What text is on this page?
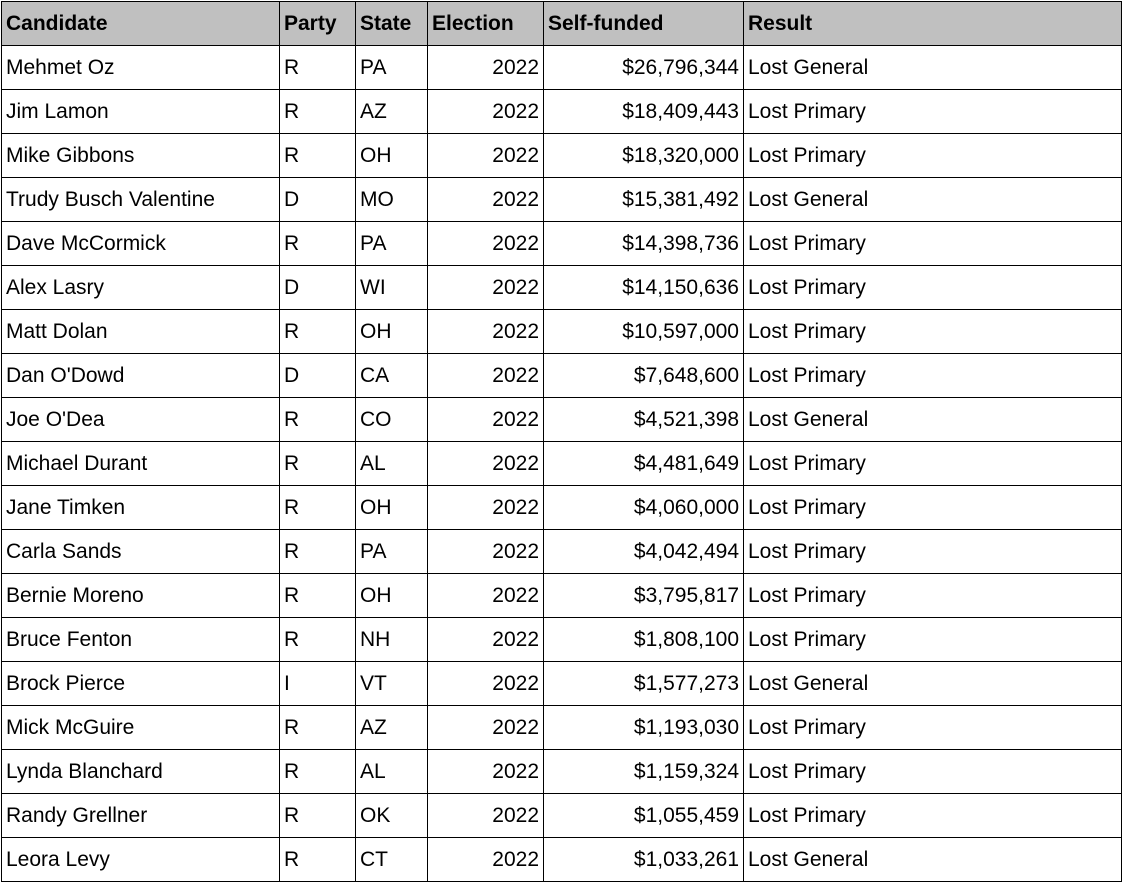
Candidate	Party	State	Election	Self-funded	Result
Mehmet Oz	R	PA	2022	$26,796,344	Lost General
Jim Lamon	R	AZ	2022	$18,409,443	Lost Primary
Mike Gibbons	R	OH	2022	$18,320,000	Lost Primary
Trudy Busch Valentine	D	MO	2022	$15,381,492	Lost General
Dave McCormick	R	PA	2022	$14,398,736	Lost Primary
Alex Lasry	D	WI	2022	$14,150,636	Lost Primary
Matt Dolan	R	OH	2022	$10,597,000	Lost Primary
Dan O'Dowd	D	CA	2022	$7,648,600	Lost Primary
Joe O'Dea	R	CO	2022	$4,521,398	Lost General
Michael Durant	R	AL	2022	$4,481,649	Lost Primary
Jane Timken	R	OH	2022	$4,060,000	Lost Primary
Carla Sands	R	PA	2022	$4,042,494	Lost Primary
Bernie Moreno	R	OH	2022	$3,795,817	Lost Primary
Bruce Fenton	R	NH	2022	$1,808,100	Lost Primary
Brock Pierce	I	VT	2022	$1,577,273	Lost General
Mick McGuire	R	AZ	2022	$1,193,030	Lost Primary
Lynda Blanchard	R	AL	2022	$1,159,324	Lost Primary
Randy Grellner	R	OK	2022	$1,055,459	Lost Primary
Leora Levy	R	CT	2022	$1,033,261	Lost General
